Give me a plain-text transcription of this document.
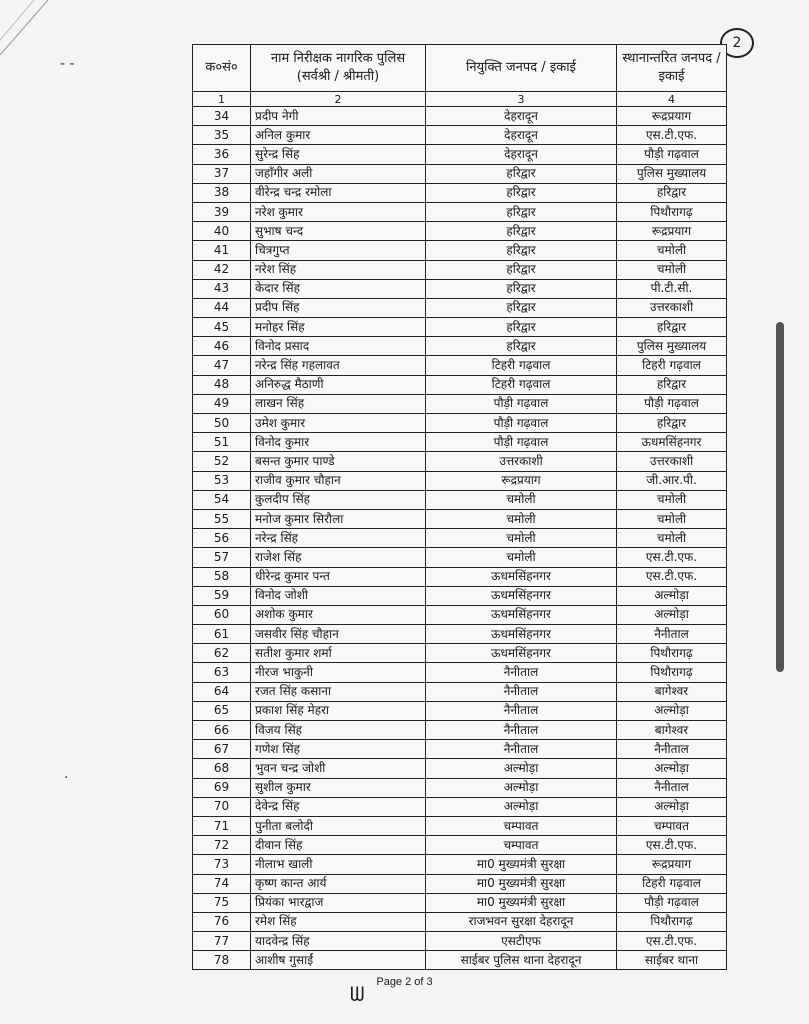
- -
·
2
क०सं०	नाम निरीक्षक नागरिक पुलिस (सर्वश्री / श्रीमती)	नियुक्ति जनपद / इकाई	स्थानान्तरित जनपद / इकाई
1	2	3	4
34	प्रदीप नेगी	देहरादून	रूद्रप्रयाग
35	अनिल कुमार	देहरादून	एस.टी.एफ.
36	सुरेन्द्र सिंह	देहरादून	पौड़ी गढ़वाल
37	जहाँगीर अली	हरिद्वार	पुलिस मुख्यालय
38	वीरेन्द्र चन्द्र रमोला	हरिद्वार	हरिद्वार
39	नरेश कुमार	हरिद्वार	पिथौरागढ़
40	सुभाष चन्द	हरिद्वार	रूद्रप्रयाग
41	चित्रगुप्त	हरिद्वार	चमोली
42	नरेश सिंह	हरिद्वार	चमोली
43	केदार सिंह	हरिद्वार	पी.टी.सी.
44	प्रदीप सिंह	हरिद्वार	उत्तरकाशी
45	मनोहर सिंह	हरिद्वार	हरिद्वार
46	विनोद प्रसाद	हरिद्वार	पुलिस मुख्यालय
47	नरेन्द्र सिंह गहलावत	टिहरी गढ़वाल	टिहरी गढ़वाल
48	अनिरुद्ध मैठाणी	टिहरी गढ़वाल	हरिद्वार
49	लाखन सिंह	पौड़ी गढ़वाल	पौड़ी गढ़वाल
50	उमेश कुमार	पौड़ी गढ़वाल	हरिद्वार
51	विनोद कुमार	पौड़ी गढ़वाल	ऊधमसिंहनगर
52	बसन्त कुमार पाण्डे	उत्तरकाशी	उत्तरकाशी
53	राजीव कुमार चौहान	रूद्रप्रयाग	जी.आर.पी.
54	कुलदीप सिंह	चमोली	चमोली
55	मनोज कुमार सिरौला	चमोली	चमोली
56	नरेन्द्र सिंह	चमोली	चमोली
57	राजेश सिंह	चमोली	एस.टी.एफ.
58	धीरेन्द्र कुमार पन्त	ऊधमसिंहनगर	एस.टी.एफ.
59	विनोद जोशी	ऊधमसिंहनगर	अल्मोड़ा
60	अशोक कुमार	ऊधमसिंहनगर	अल्मोड़ा
61	जसवीर सिंह चौहान	ऊधमसिंहनगर	नैनीताल
62	सतीश कुमार शर्मा	ऊधमसिंहनगर	पिथौरागढ़
63	नीरज भाकुनी	नैनीताल	पिथौरागढ़
64	रजत सिंह कसाना	नैनीताल	बागेश्वर
65	प्रकाश सिंह मेहरा	नैनीताल	अल्मोड़ा
66	विजय सिंह	नैनीताल	बागेश्वर
67	गणेश सिंह	नैनीताल	नैनीताल
68	भुवन चन्द्र जोशी	अल्मोड़ा	अल्मोड़ा
69	सुशील कुमार	अल्मोड़ा	नैनीताल
70	देवेन्द्र सिंह	अल्मोड़ा	अल्मोड़ा
71	पुनीता बलोदी	चम्पावत	चम्पावत
72	दीवान सिंह	चम्पावत	एस.टी.एफ.
73	नीलाभ खाली	मा0 मुख्यमंत्री सुरक्षा	रूद्रप्रयाग
74	कृष्ण कान्त आर्य	मा0 मुख्यमंत्री सुरक्षा	टिहरी गढ़वाल
75	प्रियंका भारद्वाज	मा0 मुख्यमंत्री सुरक्षा	पौड़ी गढ़वाल
76	रमेश सिंह	राजभवन सुरक्षा देहरादून	पिथौरागढ़
77	यादवेन्द्र सिंह	एसटीएफ	एस.टी.एफ.
78	आशीष गुसाईं	साईबर पुलिस थाना देहरादून	साईबर थाना
ᗯ	Page 2 of 3
